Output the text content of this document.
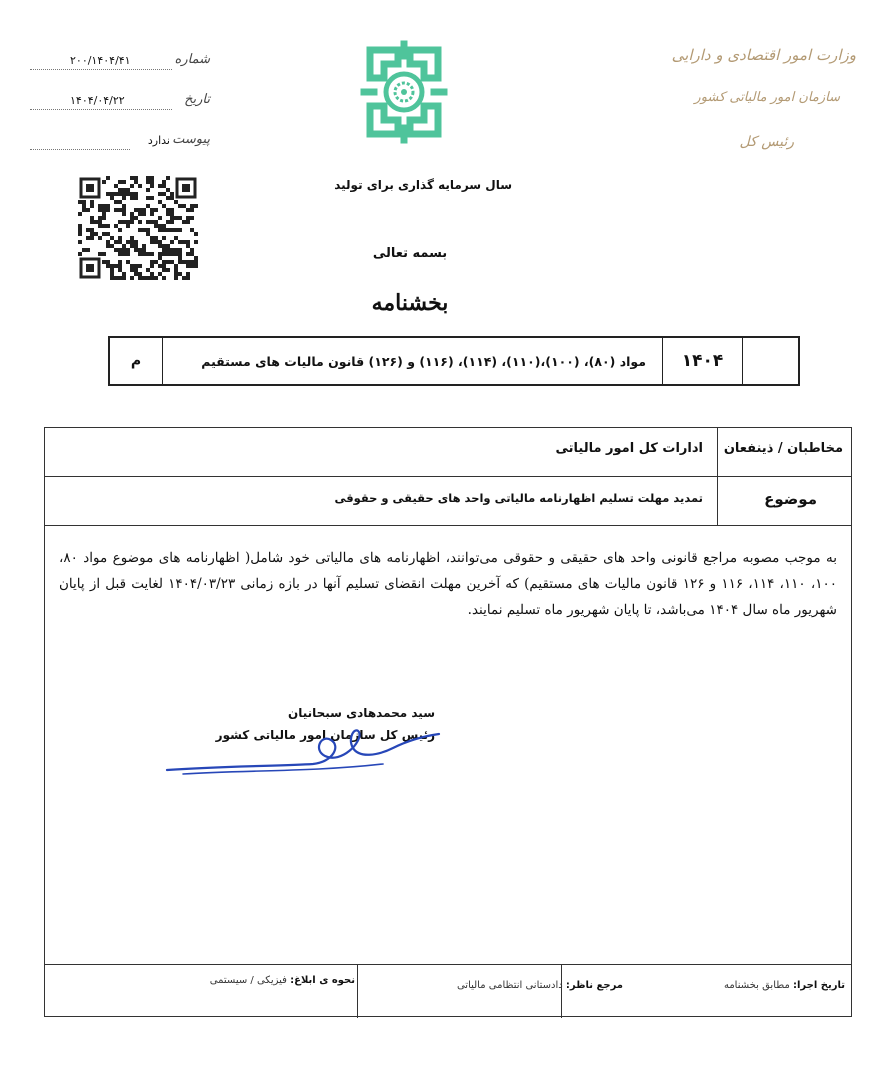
۲۰۰/۱۴۰۴/۴۱	شماره
۱۴۰۴/۰۴/۲۲	تاریخ
ندارد پیوست
وزارت امور اقتصادی و دارایی
سازمان امور مالیاتی کشور
رئیس کل
سال سرمایه گذاری برای تولید
بسمه تعالی
بخشنامه
۱۴۰۴
مواد (۸۰)، (۱۰۰)،(۱۱۰)، (۱۱۴)، (۱۱۶) و (۱۲۶) قانون مالیات های مستقیم
م
مخاطبان / ذینفعان
ادارات کل امور مالیاتی
موضوع
تمدید مهلت تسلیم اظهارنامه مالیاتی واحد های حقیقی و حقوقی
به موجب مصوبه مراجع قانونی واحد های حقیقی و حقوقی می‌توانند، اظهارنامه های مالیاتی خود شامل( اظهارنامه های موضوع مواد ۸۰، ۱۰۰، ۱۱۰، ۱۱۴، ۱۱۶ و ۱۲۶ قانون مالیات های مستقیم) که آخرین مهلت انقضای تسلیم آنها در بازه زمانی ۱۴۰۴/۰۳/۲۳ لغایت قبل از پایان شهریور ماه سال ۱۴۰۴ می‌باشد، تا پایان شهریور ماه تسلیم نمایند.
سید محمدهادی سبحانیان
رئیس کل سازمان امور مالیاتی کشور
تاریخ اجرا: مطابق بخشنامه
مرجع ناظر: دادستانی انتظامی مالیاتی
نحوه ی ابلاغ: فیزیکی / سیستمی
